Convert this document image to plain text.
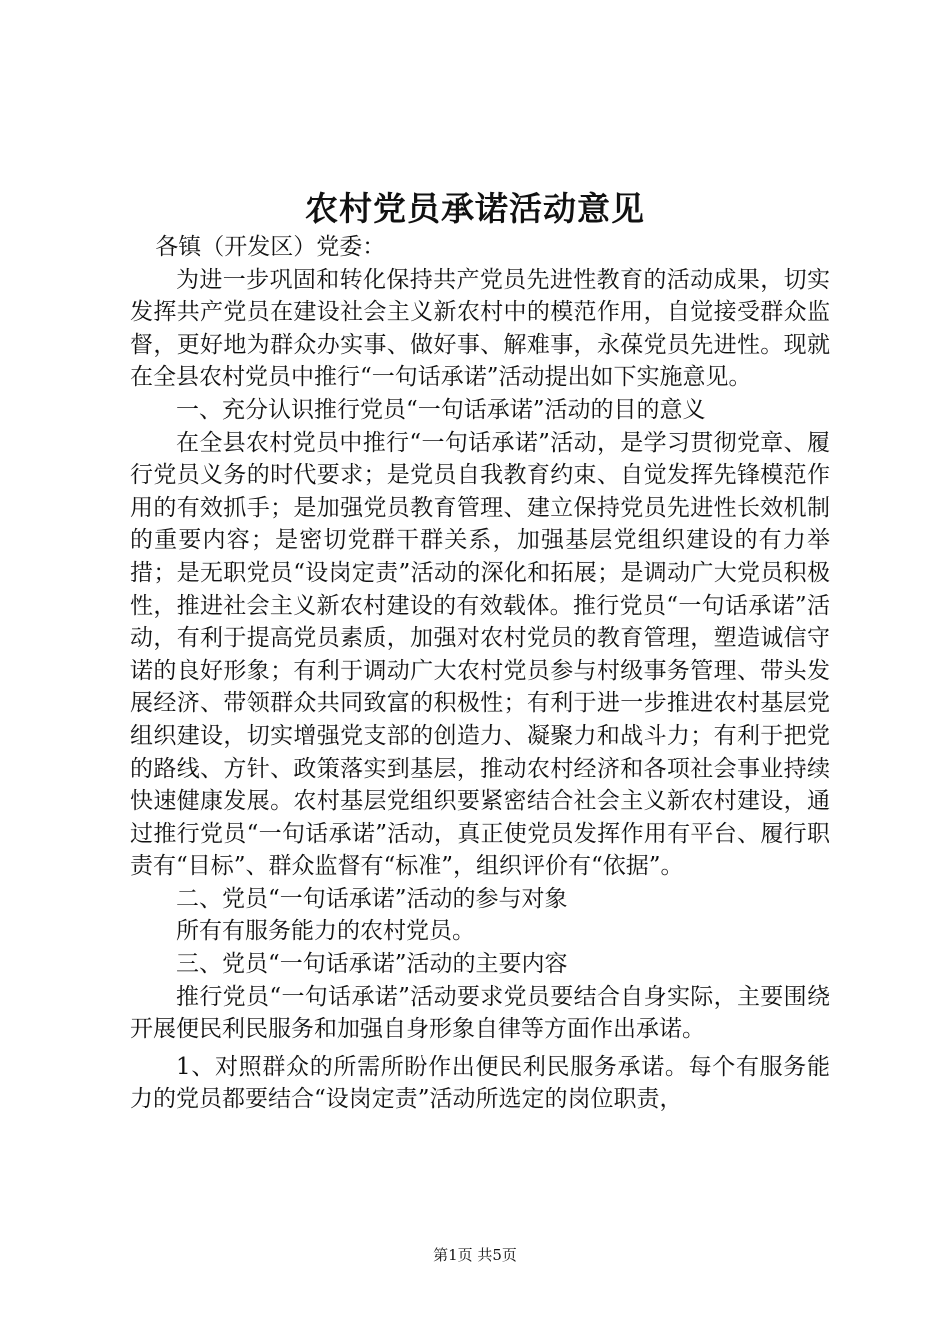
农村党员承诺活动意见

各镇（开发区）党委：

为进一步巩固和转化保持共产党员先进性教育的活动成果，切实发挥共产党员在建设社会主义新农村中的模范作用，自觉接受群众监督，更好地为群众办实事、做好事、解难事，永葆党员先进性。现就在全县农村党员中推行“一句话承诺”活动提出如下实施意见。

一、充分认识推行党员“一句话承诺”活动的目的意义

在全县农村党员中推行“一句话承诺”活动，是学习贯彻党章、履行党员义务的时代要求；是党员自我教育约束、自觉发挥先锋模范作用的有效抓手；是加强党员教育管理、建立保持党员先进性长效机制的重要内容；是密切党群干群关系，加强基层党组织建设的有力举措；是无职党员“设岗定责”活动的深化和拓展；是调动广大党员积极性，推进社会主义新农村建设的有效载体。推行党员“一句话承诺”活动，有利于提高党员素质，加强对农村党员的教育管理，塑造诚信守诺的良好形象；有利于调动广大农村党员参与村级事务管理、带头发展经济、带领群众共同致富的积极性；有利于进一步推进农村基层党组织建设，切实增强党支部的创造力、凝聚力和战斗力；有利于把党的路线、方针、政策落实到基层，推动农村经济和各项社会事业持续快速健康发展。农村基层党组织要紧密结合社会主义新农村建设，通过推行党员“一句话承诺”活动，真正使党员发挥作用有平台、履行职责有“目标”、群众监督有“标准”，组织评价有“依据”。

二、党员“一句话承诺”活动的参与对象

所有有服务能力的农村党员。

三、党员“一句话承诺”活动的主要内容

推行党员“一句话承诺”活动要求党员要结合自身实际，主要围绕开展便民利民服务和加强自身形象自律等方面作出承诺。

1、对照群众的所需所盼作出便民利民服务承诺。每个有服务能力的党员都要结合“设岗定责”活动所选定的岗位职责，

第1页 共5页
